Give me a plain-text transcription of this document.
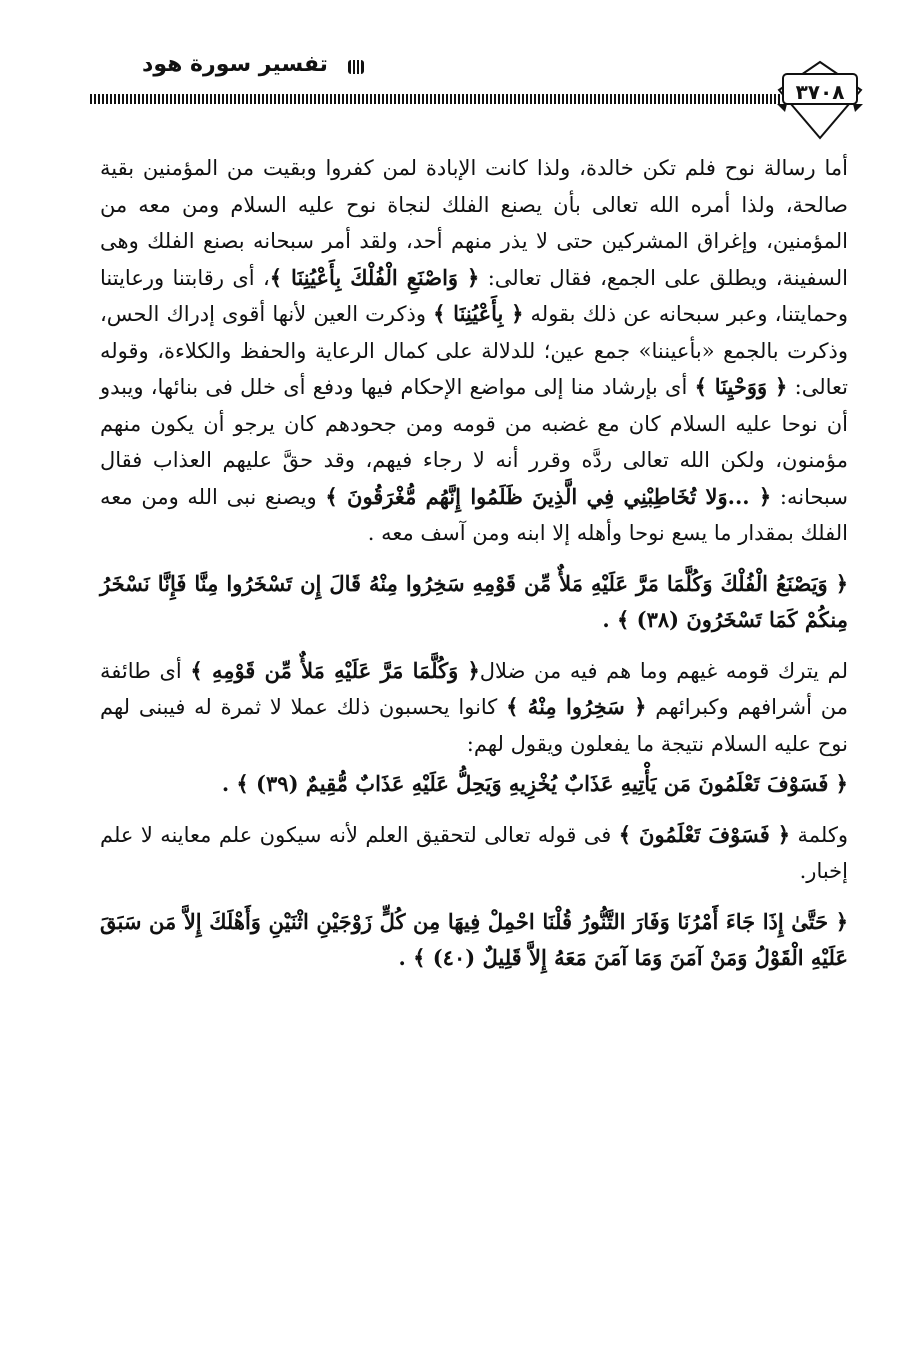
تفسير سورة هود
٣٧٠٨

أما رسالة نوح فلم تكن خالدة، ولذا كانت الإبادة لمن كفروا وبقيت من المؤمنين بقية صالحة، ولذا أمره الله تعالى بأن يصنع الفلك لنجاة نوح عليه السلام ومن معه من المؤمنين، وإغراق المشركين حتى لا يذر منهم أحد، ولقد أمر سبحانه بصنع الفلك وهى السفينة، ويطلق على الجمع، فقال تعالى: ﴿ وَاصْنَعِ الْفُلْكَ بِأَعْيُنِنَا ﴾، أى رقابتنا ورعايتنا وحمايتنا، وعبر سبحانه عن ذلك بقوله ﴿ بِأَعْيُنِنَا ﴾ وذكرت العين لأنها أقوى إدراك الحس، وذكرت بالجمع «بأعيننا» جمع عين؛ للدلالة على كمال الرعاية والحفظ والكلاءة، وقوله تعالى: ﴿ وَوَحْيِنَا ﴾ أى بإرشاد منا إلى مواضع الإحكام فيها ودفع أى خلل فى بنائها، ويبدو أن نوحا عليه السلام كان مع غضبه من قومه ومن جحودهم كان يرجو أن يكون منهم مؤمنون، ولكن الله تعالى ردَّه وقرر أنه لا رجاء فيهم، وقد حقَّ عليهم العذاب فقال سبحانه: ﴿ ...وَلا تُخَاطِبْنِي فِي الَّذِينَ ظَلَمُوا إِنَّهُم مُّغْرَقُونَ ﴾ ويصنع نبى الله ومن معه الفلك بمقدار ما يسع نوحا وأهله إلا ابنه ومن آسف معه .

﴿ وَيَصْنَعُ الْفُلْكَ وَكُلَّمَا مَرَّ عَلَيْهِ مَلأٌ مِّن قَوْمِهِ سَخِرُوا مِنْهُ قَالَ إِن تَسْخَرُوا مِنَّا فَإِنَّا نَسْخَرُ مِنكُمْ كَمَا تَسْخَرُونَ (٣٨) ﴾ .

لم يترك قومه غيهم وما هم فيه من ضلال﴿ وَكُلَّمَا مَرَّ عَلَيْهِ مَلأٌ مِّن قَوْمِهِ ﴾ أى طائفة من أشرافهم وكبرائهم ﴿ سَخِرُوا مِنْهُ ﴾ كانوا يحسبون ذلك عملا لا ثمرة له فيبنى لهم نوح عليه السلام نتيجة ما يفعلون ويقول لهم:

﴿ فَسَوْفَ تَعْلَمُونَ مَن يَأْتِيهِ عَذَابٌ يُخْزِيهِ وَيَحِلُّ عَلَيْهِ عَذَابٌ مُّقِيمٌ (٣٩) ﴾ .

وكلمة ﴿ فَسَوْفَ تَعْلَمُونَ ﴾ فى قوله تعالى لتحقيق العلم لأنه سيكون علم معاينه لا علم إخبار.

﴿ حَتَّىٰ إِذَا جَاءَ أَمْرُنَا وَفَارَ التَّنُّورُ قُلْنَا احْمِلْ فِيهَا مِن كُلٍّ زَوْجَيْنِ اثْنَيْنِ وَأَهْلَكَ إِلاَّ مَن سَبَقَ عَلَيْهِ الْقَوْلُ وَمَنْ آمَنَ وَمَا آمَنَ مَعَهُ إِلاَّ قَلِيلٌ (٤٠) ﴾ .
